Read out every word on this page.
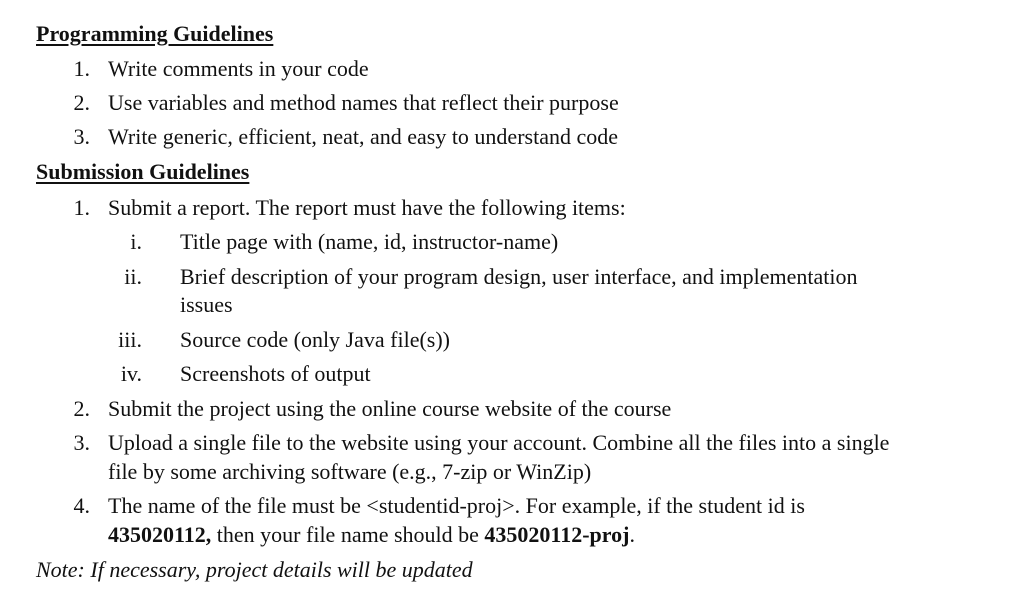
Programming Guidelines
1. Write comments in your code
2. Use variables and method names that reflect their purpose
3. Write generic, efficient, neat, and easy to understand code
Submission Guidelines
1. Submit a report. The report must have the following items:
i. Title page with (name, id, instructor-name)
ii. Brief description of your program design, user interface, and implementation
issues
iii. Source code (only Java file(s))
iv. Screenshots of output
2. Submit the project using the online course website of the course
3. Upload a single file to the website using your account. Combine all the files into a single
file by some archiving software (e.g., 7-zip or WinZip)
4. The name of the file must be <studentid-proj>. For example, if the student id is
435020112, then your file name should be 435020112-proj.
Note: If necessary, project details will be updated
